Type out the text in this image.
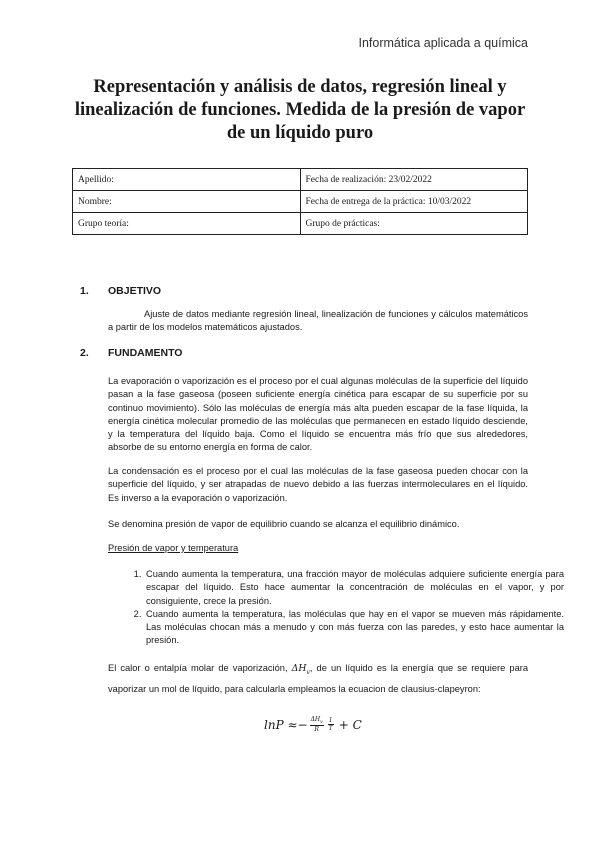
Informática aplicada a química
Representación y análisis de datos, regresión lineal y
linealización de funciones. Medida de la presión de vapor
de un líquido puro
Apellido:	Fecha de realización: 23/02/2022
Nombre:	Fecha de entrega de la práctica: 10/03/2022
Grupo teoría:	Grupo de prácticas:
1. OBJETIVO
Ajuste de datos mediante regresión lineal, linealización de funciones y cálculos matemáticos a partir de los modelos matemáticos ajustados.
2. FUNDAMENTO
La evaporación o vaporización es el proceso por el cual algunas moléculas de la superficie del líquido pasan a la fase gaseosa (poseen suficiente energía cinética para escapar de su superficie por su continuo movimiento). Sólo las moléculas de energía más alta pueden escapar de la fase líquida, la energía cinética molecular promedio de las moléculas que permanecen en estado líquido desciende, y la temperatura del líquido baja. Como el líquido se encuentra más frío que sus alrededores, absorbe de su entorno energía en forma de calor.
La condensación es el proceso por el cual las moléculas de la fase gaseosa pueden chocar con la superficie del líquido, y ser atrapadas de nuevo debido a las fuerzas intermoleculares en el líquido. Es inverso a la evaporación o vaporización.
Se denomina presión de vapor de equilibrio cuando se alcanza el equilibrio dinámico.
Presión de vapor y temperatura
1. Cuando aumenta la temperatura, una fracción mayor de moléculas adquiere suficiente energía para escapar del líquido. Esto hace aumentar la concentración de moléculas en el vapor, y por consiguiente, crece la presión.
2. Cuando aumenta la temperatura, las moléculas que hay en el vapor se mueven más rápidamente. Las moléculas chocan más a menudo y con más fuerza con las paredes, y esto hace aumentar la presión.
El calor o entalpía molar de vaporización, $\Delta H_v$, de un líquido es la energía que se requiere para vaporizar un mol de líquido, para calcularla empleamos la ecuacion de clausius-clapeyron:
$\ln P \approx- \frac{\Delta H_v}{R} \frac{1}{T} + C$
